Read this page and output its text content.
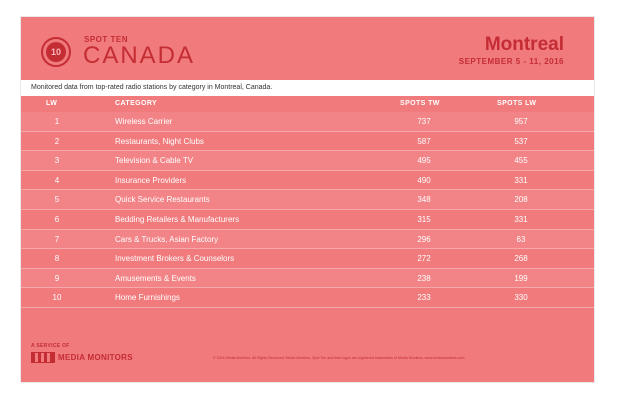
10
SPOT TEN
CANADA	Montreal
SEPTEMBER 5 - 11, 2016
Monitored data from top-rated radio stations by category in Montreal, Canada.
LW	CATEGORY	SPOTS TW	SPOTS LW
1	Wireless Carrier	737	957
2	Restaurants, Night Clubs	587	537
3	Television & Cable TV	495	455
4	Insurance Providers	490	331
5	Quick Service Restaurants	348	208
6	Bedding Retailers & Manufacturers	315	331
7	Cars & Trucks, Asian Factory	296	63
8	Investment Brokers & Counselors	272	268
9	Amusements & Events	238	199
10	Home Furnishings	233	330
A SERVICE OF
MEDIA MONITORS	© 2016 Media Monitors. All Rights Reserved. Media Monitors, Spot Ten and their logos are registered trademarks of Media Monitors. www.mediamonitors.com
